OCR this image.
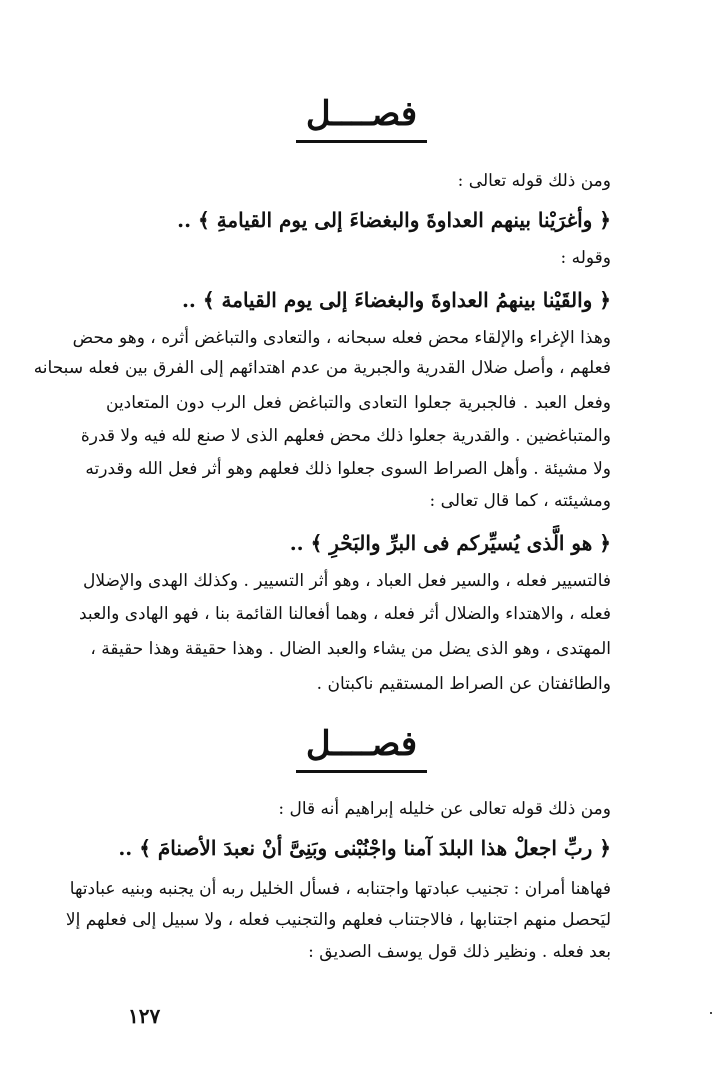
فصــــل
ومن ذلك قوله تعالى :
﴿ وأغرَيْنا بينهم العداوةَ والبغضاءَ إلى يوم القيامةِ ﴾ ..
وقوله :
﴿ والقَيْنا بينهمُ العداوةَ والبغضاءَ إلى يوم القيامة ﴾ ..
وهذا الإغراء والإلقاء محض فعله سبحانه ، والتعادى والتباغض أثره ، وهو محض
فعلهم ، وأصل ضلال القدرية والجبرية من عدم اهتدائهم إلى الفرق بين فعله سبحانه
وفعل العبد . فالجبرية جعلوا التعادى والتباغض فعل الرب دون المتعادين
والمتباغضين . والقدرية جعلوا ذلك محض فعلهم الذى لا صنع لله فيه ولا قدرة
ولا مشيئة . وأهل الصراط السوى جعلوا ذلك فعلهم وهو أثر فعل الله وقدرته
ومشيئته ، كما قال تعالى :
﴿ هو الَّذى يُسيِّركم فى البرِّ والبَحْرِ ﴾ ..
فالتسيير فعله ، والسير فعل العباد ، وهو أثر التسيير . وكذلك الهدى والإضلال
فعله ، والاهتداء والضلال أثر فعله ، وهما أفعالنا القائمة بنا ، فهو الهادى والعبد
المهتدى ، وهو الذى يضل من يشاء والعبد الضال . وهذا حقيقة وهذا حقيقة ،
والطائفتان عن الصراط المستقيم ناكبتان .
فصــــل
ومن ذلك قوله تعالى عن خليله إبراهيم أنه قال :
﴿ ربِّ اجعلْ هذا البلدَ آمنا واجْنُبْنى وبَنِىَّ أنْ نعبدَ الأصنامَ ﴾ ..
فهاهنا أمران : تجنيب عبادتها واجتنابه ، فسأل الخليل ربه أن يجنبه وبنيه عبادتها
ليَحصل منهم اجتنابها ، فالاجتناب فعلهم والتجنيب فعله ، ولا سبيل إلى فعلهم إلا
بعد فعله . ونظير ذلك قول يوسف الصديق :
١٢٧
